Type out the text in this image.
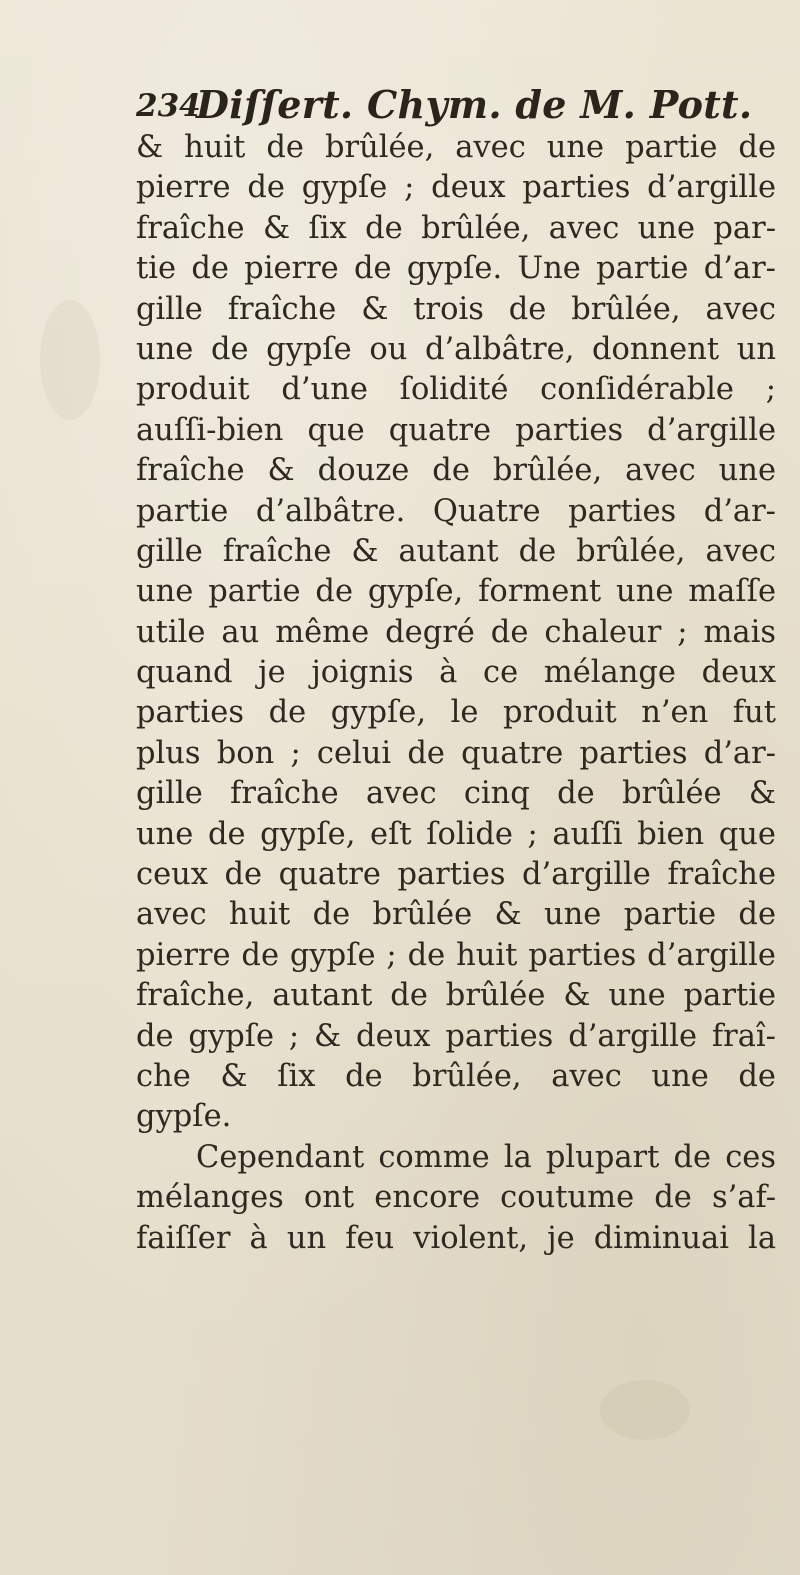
234
Diſſert. Chym. de M. Pott.
& huit de brûlée, avec une partie de
pierre de gypſe ; deux parties d’argille
fraîche & ſix de brûlée, avec une par-
tie de pierre de gypſe. Une partie d’ar-
gille fraîche & trois de brûlée, avec
une de gypſe ou d’albâtre, donnent un
produit d’une ſolidité conſidérable ;
auſſi-bien que quatre parties d’argille
fraîche & douze de brûlée, avec une
partie d’albâtre. Quatre parties d’ar-
gille fraîche & autant de brûlée, avec
une partie de gypſe, forment une maſſe
utile au même degré de chaleur ; mais
quand je joignis à ce mélange deux
parties de gypſe, le produit n’en fut
plus bon ; celui de quatre parties d’ar-
gille fraîche avec cinq de brûlée &
une de gypſe, eſt ſolide ; auſſi bien que
ceux de quatre parties d’argille fraîche
avec huit de brûlée & une partie de
pierre de gypſe ; de huit parties d’argille
fraîche, autant de brûlée & une partie
de gypſe ; & deux parties d’argille fraî-
che & ſix de brûlée, avec une de
gypſe.
Cependant comme la plupart de ces
mélanges ont encore coutume de s’af-
faiſſer à un feu violent, je diminuai la
